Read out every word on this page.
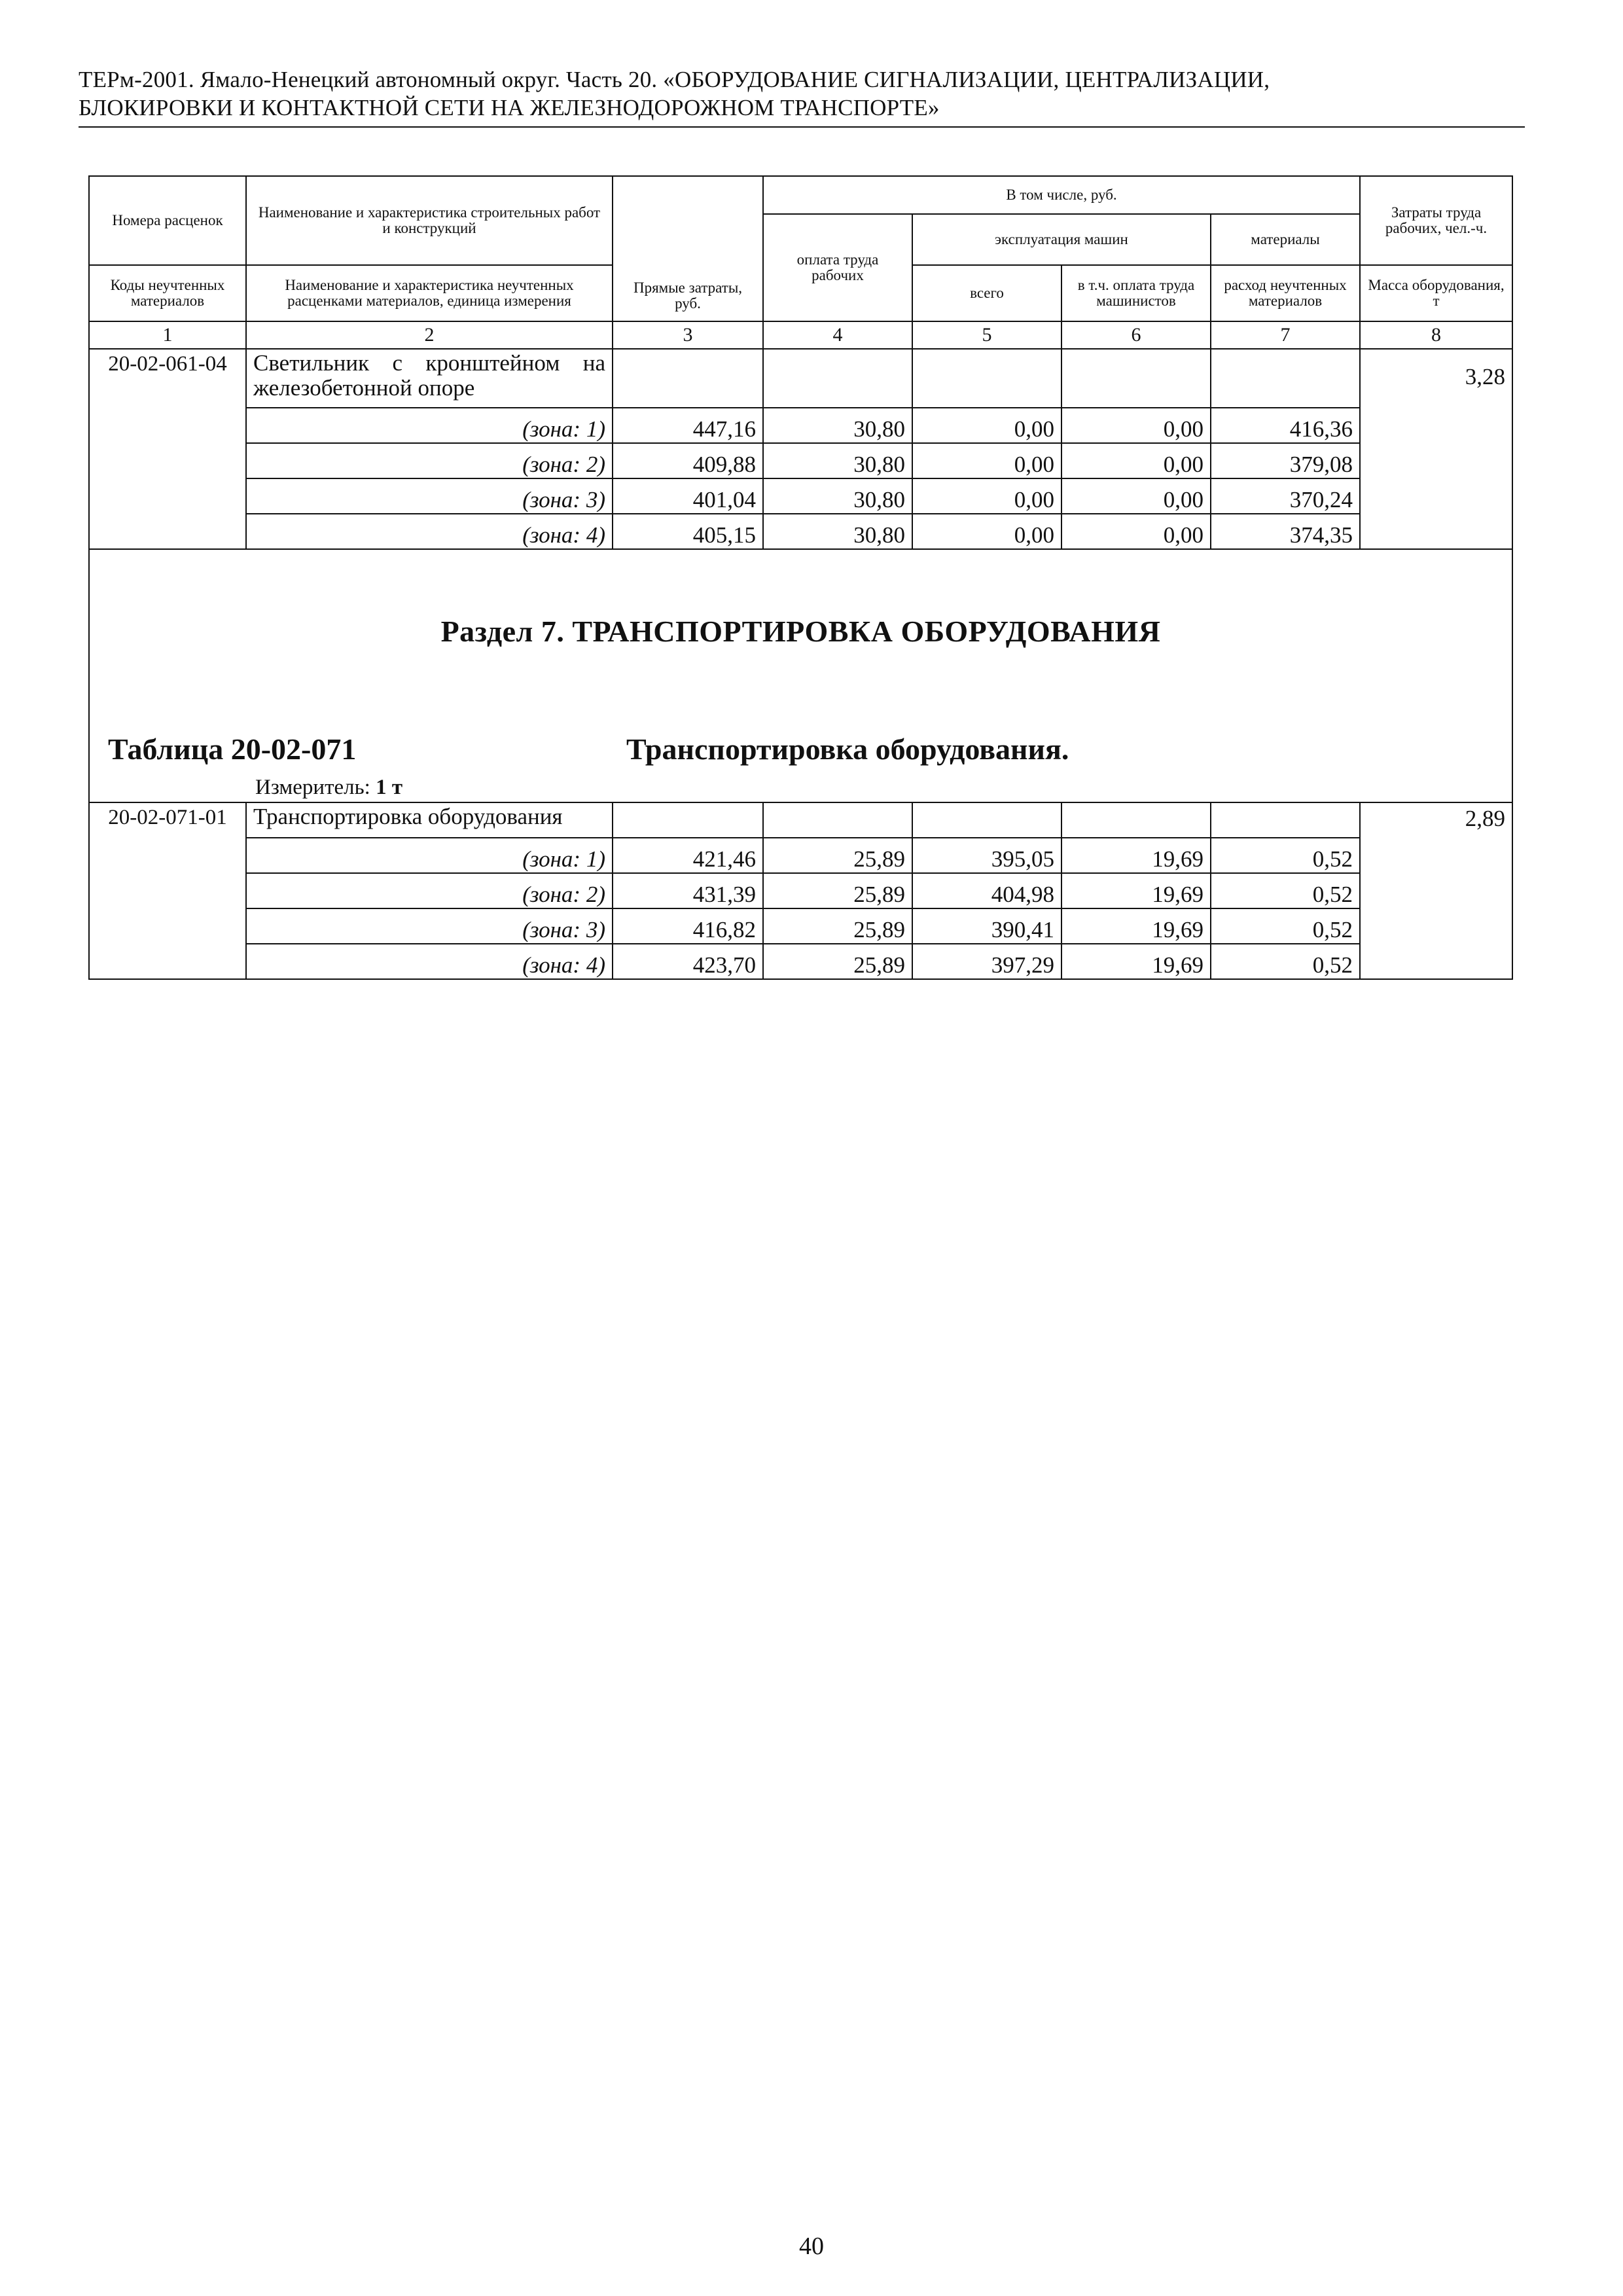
ТЕРм-2001. Ямало-Ненецкий автономный округ. Часть 20. «ОБОРУДОВАНИЕ СИГНАЛИЗАЦИИ, ЦЕНТРАЛИЗАЦИИ,
БЛОКИРОВКИ И КОНТАКТНОЙ СЕТИ НА ЖЕЛЕЗНОДОРОЖНОМ ТРАНСПОРТЕ»
Номера расценок	Наименование и характеристика строительных работ и конструкций	Прямые затраты, руб.	В том числе, руб.				Затраты труда рабочих, чел.-ч.
			оплата труда рабочих	эксплуатация машин		материалы	
Коды неучтенных материалов	Наименование и характеристика неучтенных расценками материалов, единица измерения			всего	в т.ч. оплата труда машинистов	расход неучтенных материалов	Масса оборудования, т
1	2	3	4	5	6	7	8
20-02-061-04	Светильник с кронштейном на железобетонной опоре						3,28
	(зона: 1)	447,16	30,80	0,00	0,00	416,36	
	(зона: 2)	409,88	30,80	0,00	0,00	379,08	
	(зона: 3)	401,04	30,80	0,00	0,00	370,24	
	(зона: 4)	405,15	30,80	0,00	0,00	374,35	

Раздел 7. ТРАНСПОРТИРОВКА ОБОРУДОВАНИЯ
Таблица 20-02-071 Транспортировка оборудования.
Измеритель: 1 т							

20-02-071-01	Транспортировка оборудования						2,89
	(зона: 1)	421,46	25,89	395,05	19,69	0,52	
	(зона: 2)	431,39	25,89	404,98	19,69	0,52	
	(зона: 3)	416,82	25,89	390,41	19,69	0,52	
	(зона: 4)	423,70	25,89	397,29	19,69	0,52	
40
